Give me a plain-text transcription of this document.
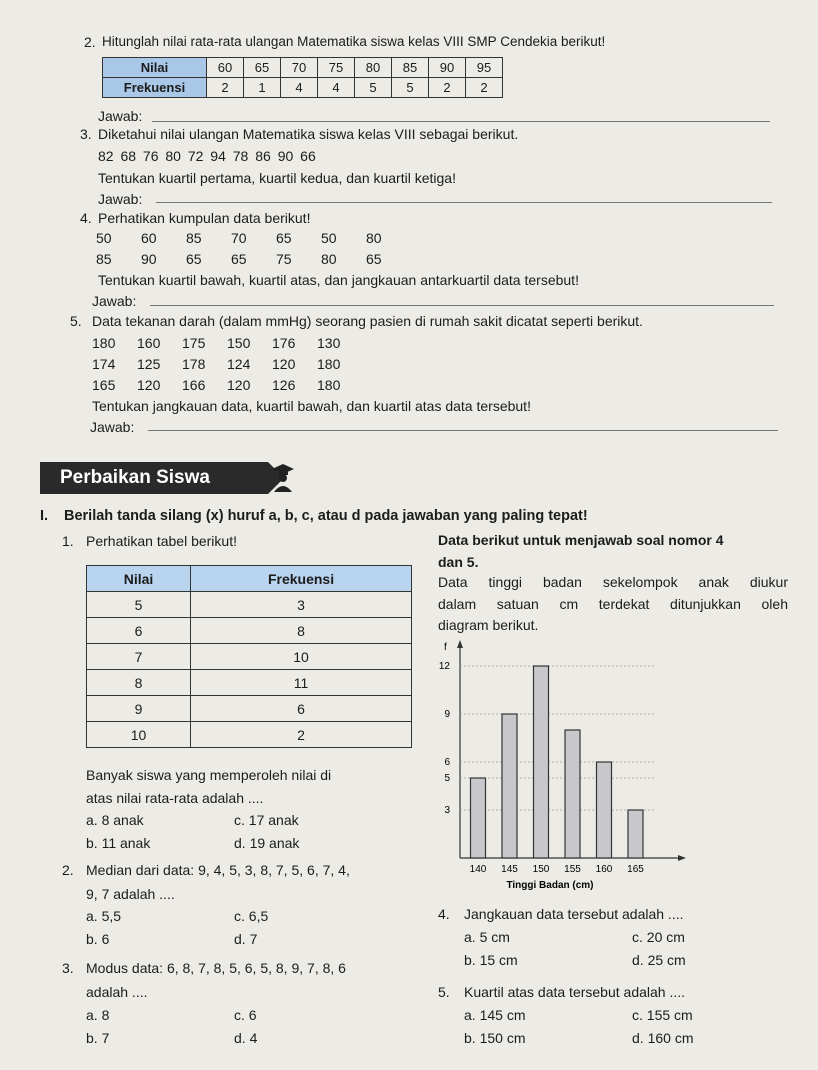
2. Hitunglah nilai rata-rata ulangan Matematika siswa kelas VIII SMP Cendekia berikut!
Nilai	60	65	70	75	80	85	90	95
Frekuensi	2	1	4	4	5	5	2	2
Jawab:
3. Diketahui nilai ulangan Matematika siswa kelas VIII sebagai berikut.
82 68 76 80 72 94 78 86 90 66
Tentukan kuartil pertama, kuartil kedua, dan kuartil ketiga!
Jawab:
4. Perhatikan kumpulan data berikut!
50	60	85	70	65	50	80
85	90	65	65	75	80	65
Tentukan kuartil bawah, kuartil atas, dan jangkauan antarkuartil data tersebut!
Jawab:
5. Data tekanan darah (dalam mmHg) seorang pasien di rumah sakit dicatat seperti berikut.
180	160	175	150	176	130
174	125	178	124	120	180
165	120	166	120	126	180
Tentukan jangkauan data, kuartil bawah, dan kuartil atas data tersebut!
Jawab:
Perbaikan Siswa
I. Berilah tanda silang (x) huruf a, b, c, atau d pada jawaban yang paling tepat!
1. Perhatikan tabel berikut!
Nilai	Frekuensi
5	3
6	8
7	10
8	11
9	6
10	2
Banyak siswa yang memperoleh nilai di
atas nilai rata-rata adalah ....
a. 8 anak	c. 17 anak
b. 11 anak	d. 19 anak
2. Median dari data: 9, 4, 5, 3, 8, 7, 5, 6, 7, 4,
9, 7 adalah ....
a. 5,5	c. 6,5
b. 6	d. 7
3. Modus data: 6, 8, 7, 8, 5, 6, 5, 8, 9, 7, 8, 6
adalah ....
a. 8	c. 6
b. 7	d. 4
Data berikut untuk menjawab soal nomor 4
dan 5.
Data tinggi badan sekelompok anak diukur
dalam satuan cm terdekat ditunjukkan oleh
diagram berikut.
f
3
5
6
9
12
140 145 150 155 160 165
Tinggi Badan (cm)
4. Jangkauan data tersebut adalah ....
a. 5 cm	c. 20 cm
b. 15 cm	d. 25 cm
5. Kuartil atas data tersebut adalah ....
a. 145 cm	c. 155 cm
b. 150 cm	d. 160 cm
